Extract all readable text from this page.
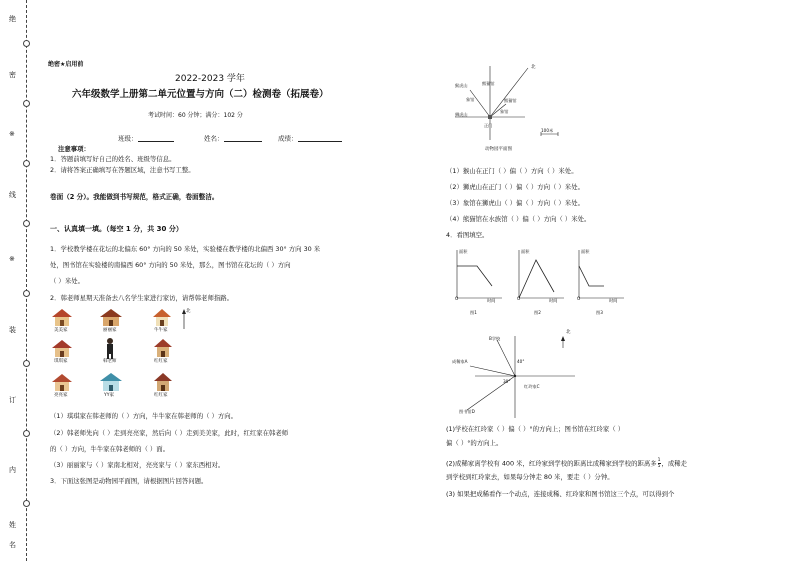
绝
密
※
线
※
装
订
内
姓
名
绝密★启用前
2022-2023 学年
六年级数学上册第二单元位置与方向（二）检测卷（拓展卷）
考试时间：60 分钟；满分：102 分
班级：	姓名：	成绩：
注意事项：
1．答题前填写好自己的姓名、班级等信息。
2．请将答案正确填写在答题区域，注意书写工整。
卷面（2 分）。我能做到书写规范，格式正确，卷面整洁。
一、认真填一填。（每空 1 分，共 30 分）
1．学校教学楼在花坛的北偏东 60° 方向的 50 米处，实验楼在教学楼的北偏西 30° 方向 30 米
处，图书馆在实验楼的南偏西 60° 方向的 50 米处，那么，图书馆在花坛的（ ）方向
（ ）米处。
2．韩老师星期天准备去八名学生家进行家访，请帮韩老师指路。
美美家	丽丽家	牛牛家
北
琪琪家	韩老师	红红家
亮亮家	YY家	红红家
（1）琪琪家在韩老师的（ ）方向，牛牛家在韩老师的（ ）方向。
（2）韩老师先向（ ）走到亮亮家，然后向（ ）走到美美家，此时，红红家在韩老师
的（ ）方向，牛牛家在韩老师的（ ）面。
（3）丽丽家与（ ）家南北相对，亮亮家与（ ）家东西相对。
3．下面这张图是动物园平面图，请根据图片回答问题。
北
猴虎山	熊猫馆
象馆
狮虎山
正门
象馆
熊猫馆
100米
动物园平面图
（1）猴山在正门（ ）偏（ ）方向（ ）米处。
（2）狮虎山在正门（ ）偏（ ）方向（ ）米处。
（3）象馆在狮虎山（ ）偏（ ）方向（ ）米处。
（4）熊猫馆在水族馆（ ）偏（ ）方向（ ）米处。
4．看图填空。
面积
O	时间
图1
面积
O	时间
图2
面积
O	时间
图3
北
B学校
成稀家A
红玲家C
图书馆D
40°
30°
(1)学校在红玲家（ ）偏（ ）°的方向上；图书馆在红玲家（ ）
偏（ ）°的方向上。
(2)成稀家离学校有 400 米，红玲家到学校的距离比成稀家到学校的距离多 $\frac{1}{5}$ ，成稀走
到学校到红玲家去，如果每分钟走 80 米，要走（ ）分钟。
(3) 如果把成稀看作一个动点，连接成稀、红玲家和图书馆这三个点，可以得到个
